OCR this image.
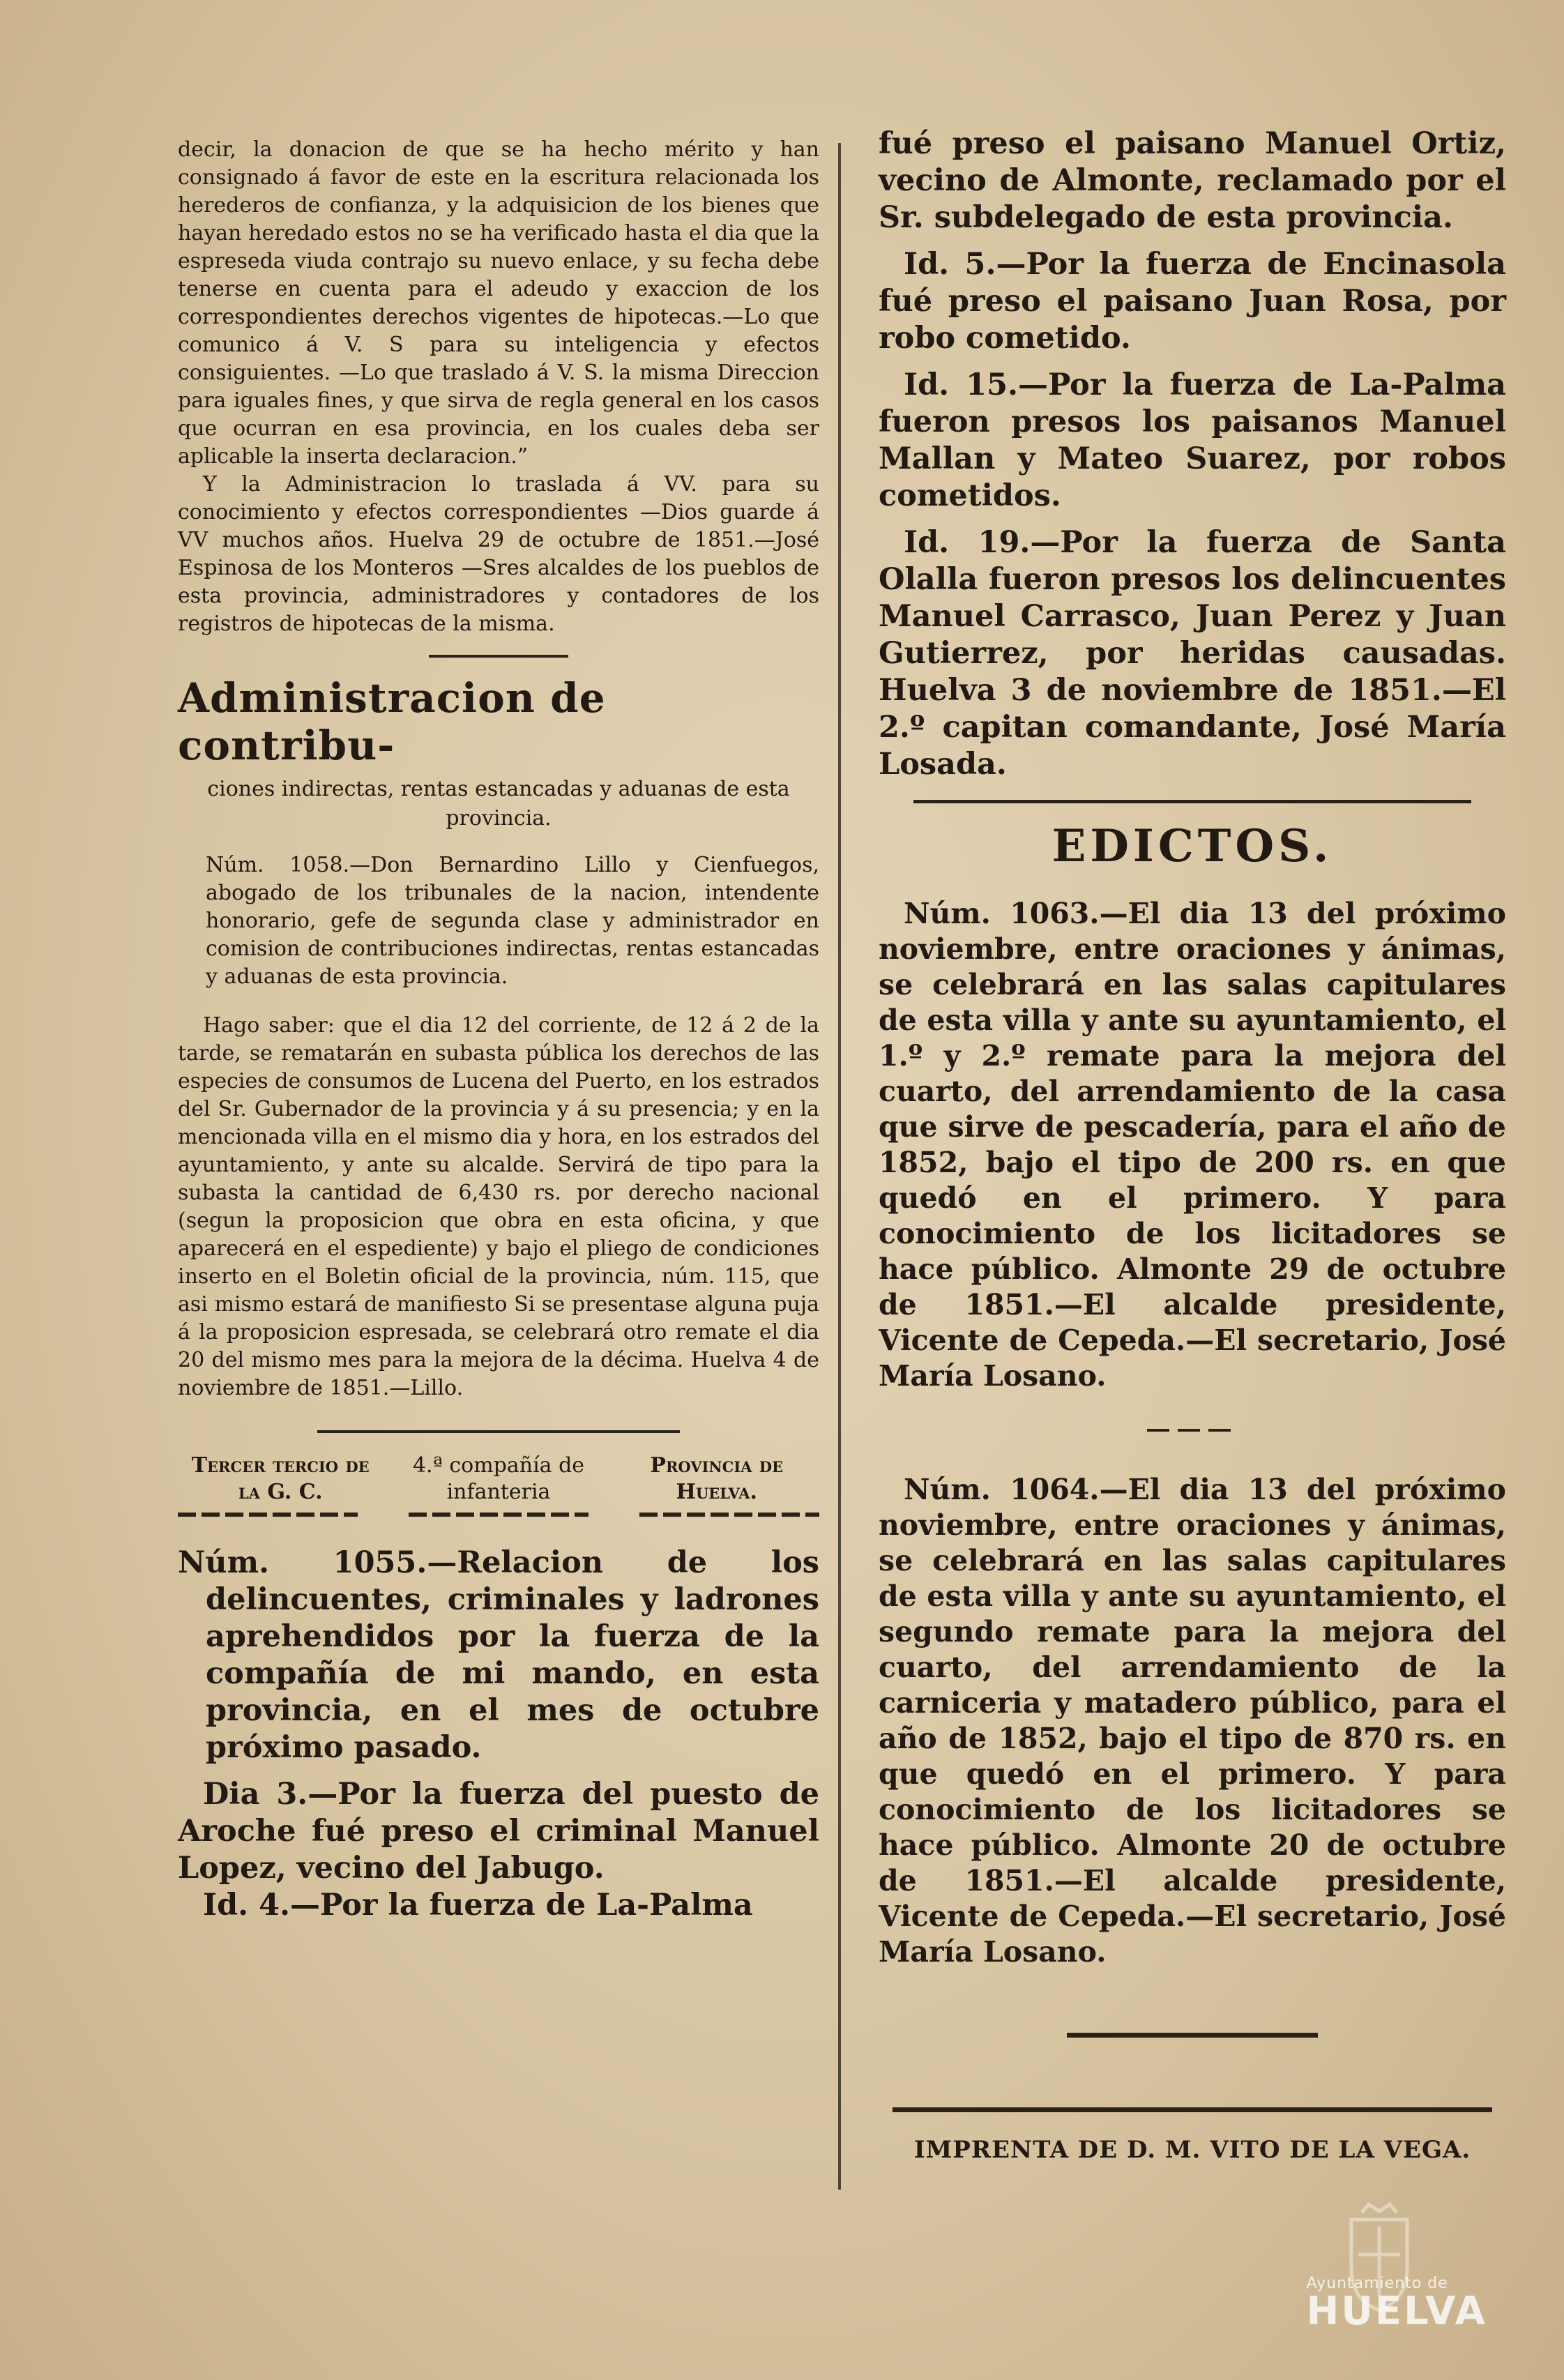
decir, la donacion de que se ha hecho mérito y han consignado á favor de este en la escritura relacionada los herederos de confianza, y la adquisicion de los bienes que hayan heredado estos no se ha verificado hasta el dia que la espreseda viuda contrajo su nuevo enlace, y su fecha debe tenerse en cuenta para el adeudo y exaccion de los correspondientes derechos vigentes de hipotecas.—Lo que comunico á V. S para su inteligencia y efectos consiguientes. —Lo que traslado á V. S. la misma Direccion para iguales fines, y que sirva de regla general en los casos que ocurran en esa provincia, en los cuales deba ser aplicable la inserta declaracion.”

Y la Administracion lo traslada á VV. para su conocimiento y efectos correspondientes —Dios guarde á VV muchos años. Huelva 29 de octubre de 1851.—José Espinosa de los Monteros —Sres alcaldes de los pueblos de esta provincia, administradores y contadores de los registros de hipotecas de la misma.

Administracion de contribu-
ciones indirectas, rentas estancadas y aduanas de esta provincia.

Núm. 1058.—Don Bernardino Lillo y Cienfuegos, abogado de los tribunales de la nacion, intendente honorario, gefe de segunda clase y administrador en comision de contribuciones indirectas, rentas estancadas y aduanas de esta provincia.

Hago saber: que el dia 12 del corriente, de 12 á 2 de la tarde, se rematarán en subasta pública los derechos de las especies de consumos de Lucena del Puerto, en los estrados del Sr. Gubernador de la provincia y á su presencia; y en la mencionada villa en el mismo dia y hora, en los estrados del ayuntamiento, y ante su alcalde. Servirá de tipo para la subasta la cantidad de 6,430 rs. por derecho nacional (segun la proposicion que obra en esta oficina, y que aparecerá en el espediente) y bajo el pliego de condiciones inserto en el Boletin oficial de la provincia, núm. 115, que asi mismo estará de manifiesto Si se presentase alguna puja á la proposicion espresada, se celebrará otro remate el dia 20 del mismo mes para la mejora de la décima. Huelva 4 de noviembre de 1851.—Lillo.

Tercer tercio de la G. C.
4.ª compañía de infanteria
Provincia de Huelva.

Núm. 1055.—Relacion de los delincuentes, criminales y ladrones aprehendidos por la fuerza de la compañía de mi mando, en esta provincia, en el mes de octubre próximo pasado.

Dia 3.—Por la fuerza del puesto de Aroche fué preso el criminal Manuel Lopez, vecino del Jabugo.

Id. 4.—Por la fuerza de La-Palma

fué preso el paisano Manuel Ortiz, vecino de Almonte, reclamado por el Sr. subdelegado de esta provincia.

Id. 5.—Por la fuerza de Encinasola fué preso el paisano Juan Rosa, por robo cometido.

Id. 15.—Por la fuerza de La-Palma fueron presos los paisanos Manuel Mallan y Mateo Suarez, por robos cometidos.

Id. 19.—Por la fuerza de Santa Olalla fueron presos los delincuentes Manuel Carrasco, Juan Perez y Juan Gutierrez, por heridas causadas. Huelva 3 de noviembre de 1851.—El 2.º capitan comandante, José María Losada.

EDICTOS.

Núm. 1063.—El dia 13 del próximo noviembre, entre oraciones y ánimas, se celebrará en las salas capitulares de esta villa y ante su ayuntamiento, el 1.º y 2.º remate para la mejora del cuarto, del arrendamiento de la casa que sirve de pescadería, para el año de 1852, bajo el tipo de 200 rs. en que quedó en el primero. Y para conocimiento de los licitadores se hace público. Almonte 29 de octubre de 1851.—El alcalde presidente, Vicente de Cepeda.—El secretario, José María Losano.

Núm. 1064.—El dia 13 del próximo noviembre, entre oraciones y ánimas, se celebrará en las salas capitulares de esta villa y ante su ayuntamiento, el segundo remate para la mejora del cuarto, del arrendamiento de la carniceria y matadero público, para el año de 1852, bajo el tipo de 870 rs. en que quedó en el primero. Y para conocimiento de los licitadores se hace público. Almonte 20 de octubre de 1851.—El alcalde presidente, Vicente de Cepeda.—El secretario, José María Losano.

IMPRENTA DE D. M. VITO DE LA VEGA.
Ayuntamiento de
HUELVA
